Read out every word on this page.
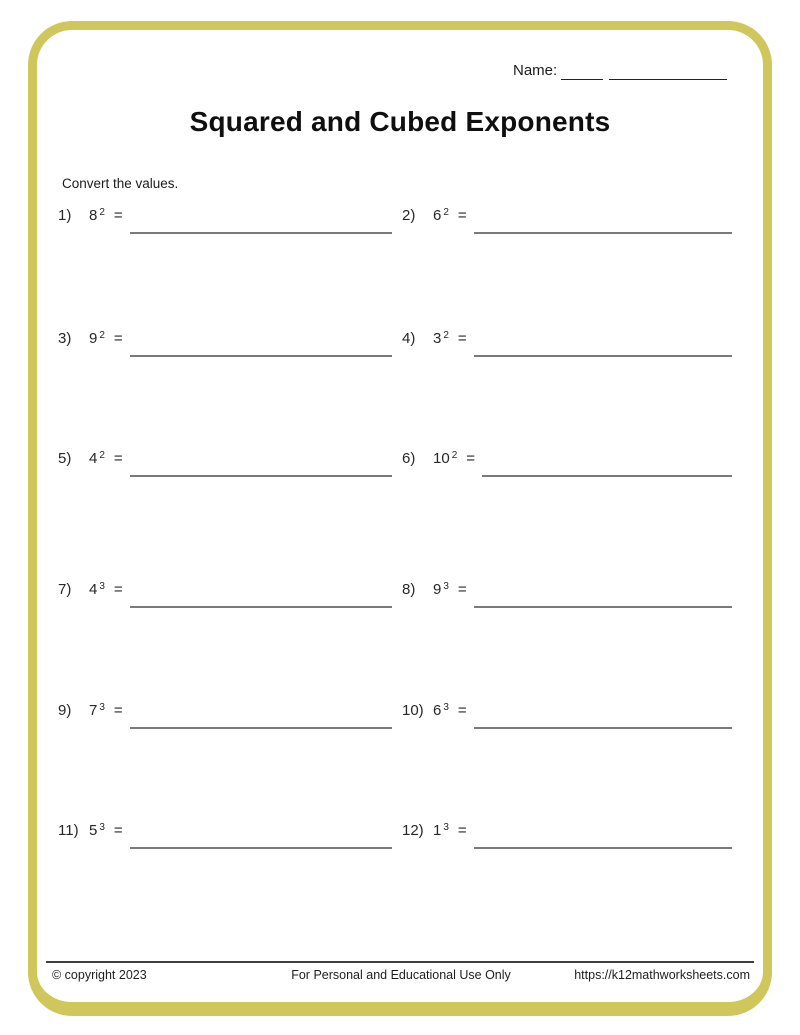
Name:
Squared and Cubed Exponents
Convert the values.
1)	8 $^2$ =	2)	6 $^2$ =
3)	9 $^2$ =	4)	3 $^2$ =
5)	4 $^2$ =	6)	10 $^2$ =
7)	4 $^3$ =	8)	9 $^3$ =
9)	7 $^3$ =	10) 6 $^3$ =
11) 5 $^3$ =	12) 1 $^3$ =
© copyright 2023	For Personal and Educational Use Only	https://k12mathworksheets.com
